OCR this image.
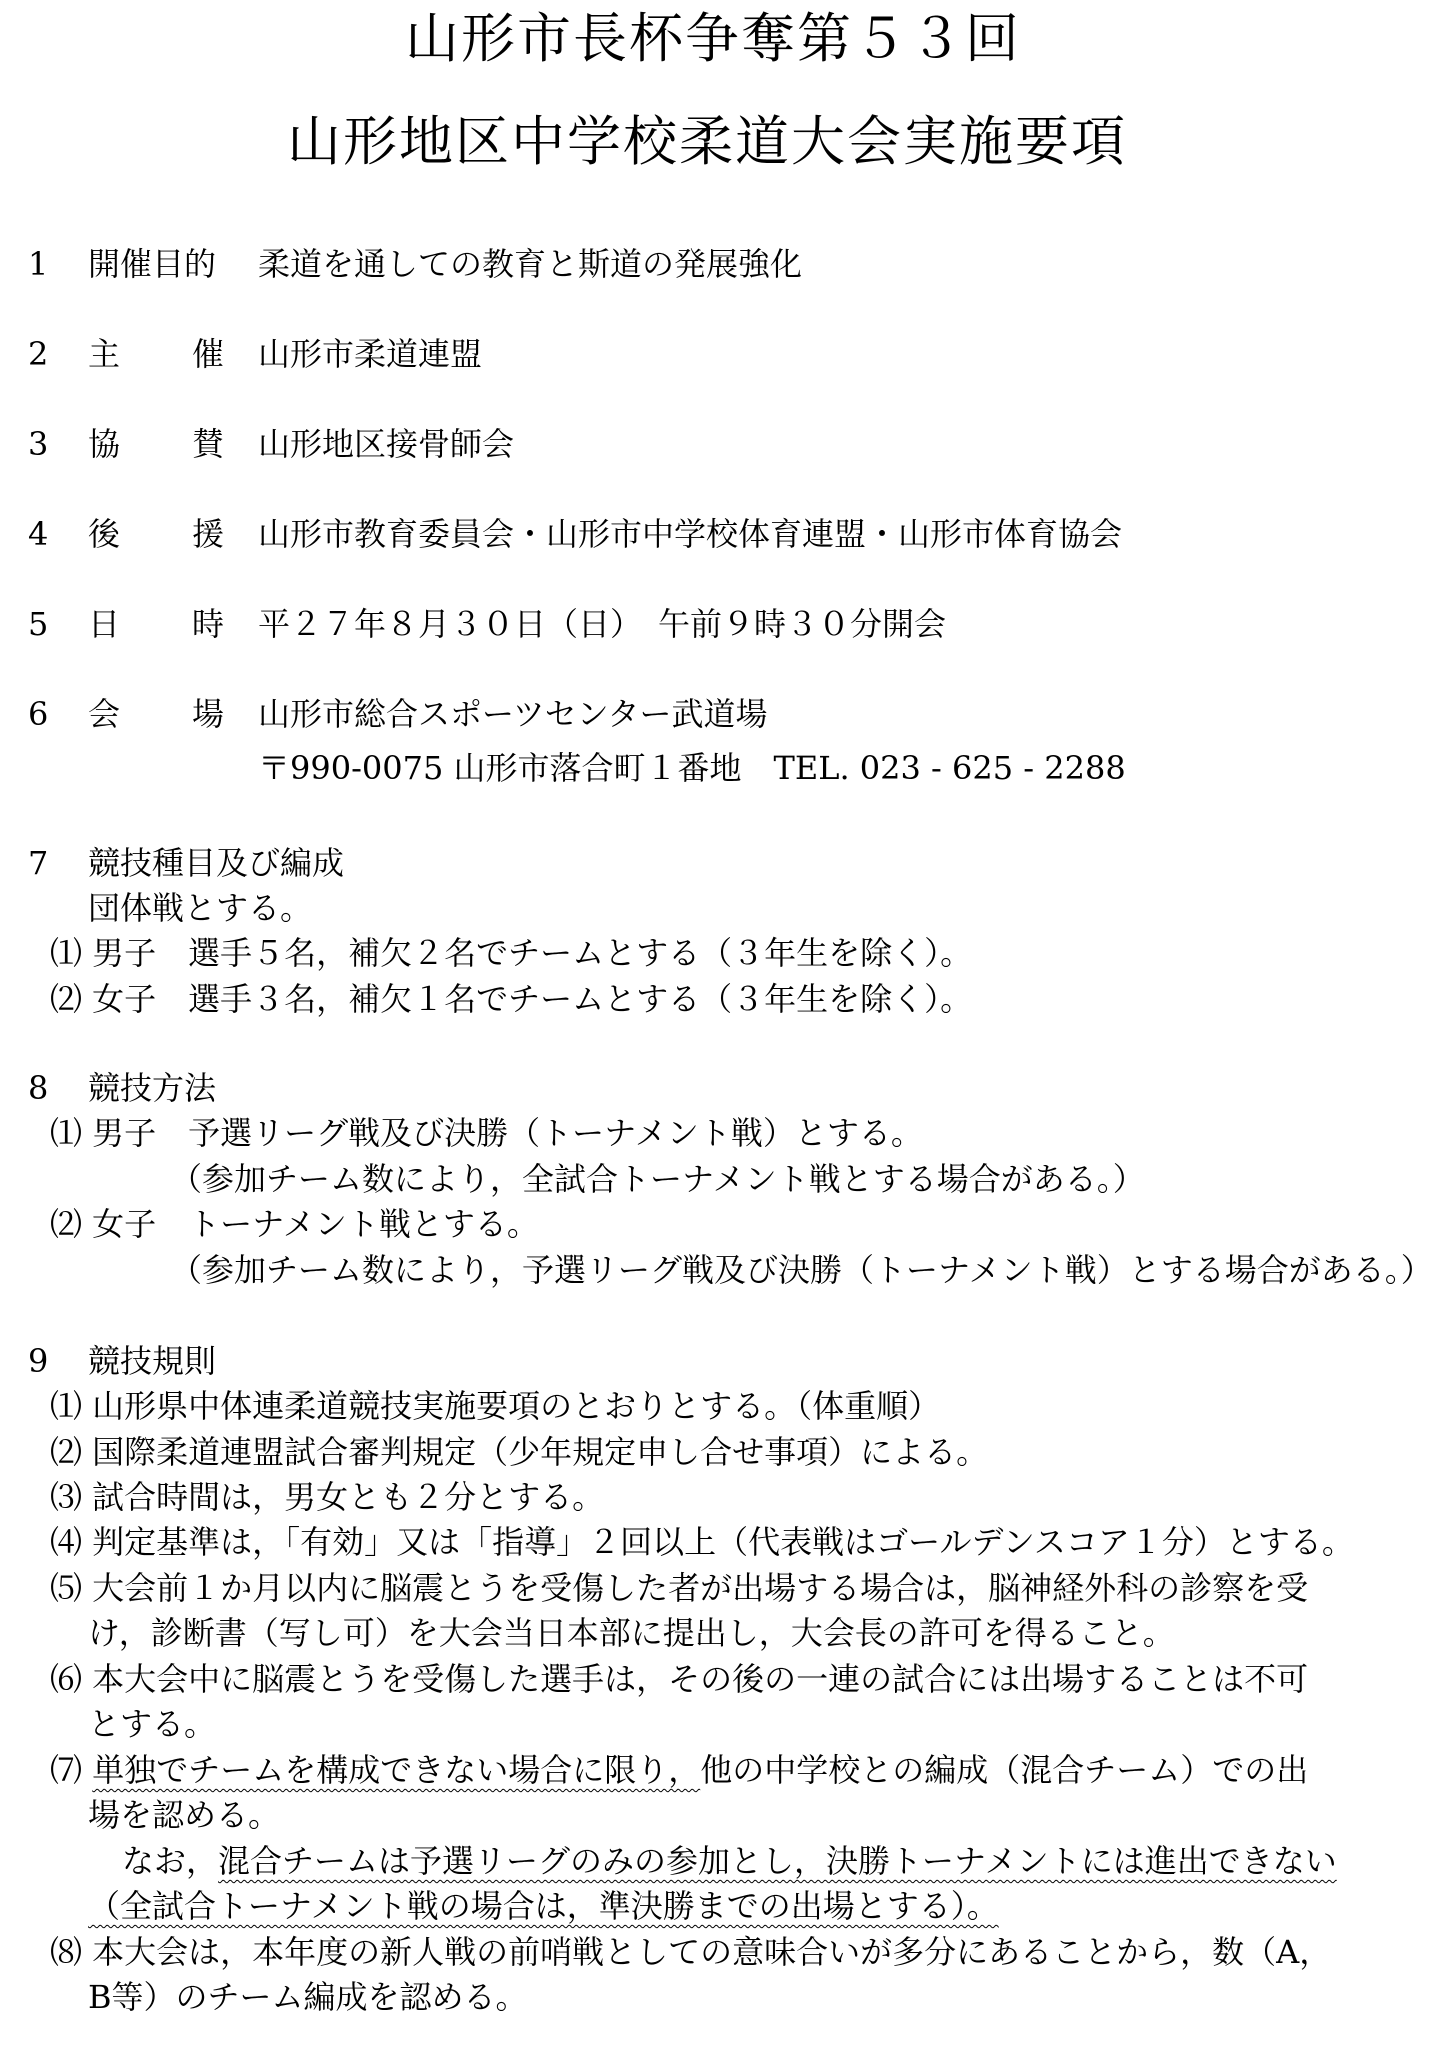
山形市長杯争奪第５３回
山形地区中学校柔道大会実施要項
1 開催目的 柔道を通しての教育と斯道の発展強化
2 主 催 山形市柔道連盟
3 協 賛 山形地区接骨師会
4 後 援 山形市教育委員会・山形市中学校体育連盟・山形市体育協会
5 日 時 平２７年８月３０日（日）　午前９時３０分開会
6 会 場 山形市総合スポーツセンター武道場
〒990-0075 山形市落合町１番地　TEL. 023 - 625 - 2288
7 競技種目及び編成
団体戦とする。
⑴ 男子　選手５名，補欠２名でチームとする（３年生を除く）。
⑵ 女子　選手３名，補欠１名でチームとする（３年生を除く）。
8 競技方法
⑴ 男子　予選リーグ戦及び決勝（トーナメント戦）とする。
（参加チーム数により，全試合トーナメント戦とする場合がある。）
⑵ 女子　トーナメント戦とする。
（参加チーム数により，予選リーグ戦及び決勝（トーナメント戦）とする場合がある。）
9 競技規則
⑴ 山形県中体連柔道競技実施要項のとおりとする。（体重順）
⑵ 国際柔道連盟試合審判規定（少年規定申し合せ事項）による。
⑶ 試合時間は，男女とも２分とする。
⑷ 判定基準は，「有効」又は「指導」２回以上（代表戦はゴールデンスコア１分）とする。
⑸ 大会前１か月以内に脳震とうを受傷した者が出場する場合は，脳神経外科の診察を受
け，診断書（写し可）を大会当日本部に提出し，大会長の許可を得ること。
⑹ 本大会中に脳震とうを受傷した選手は，その後の一連の試合には出場することは不可
とする。
⑺ 単独でチームを構成できない場合に限り，他の中学校との編成（混合チーム）での出
場を認める。
なお，混合チームは予選リーグのみの参加とし，決勝トーナメントには進出できない
（全試合トーナメント戦の場合は，準決勝までの出場とする）。
⑻ 本大会は，本年度の新人戦の前哨戦としての意味合いが多分にあることから，数（A，
B等）のチーム編成を認める。
